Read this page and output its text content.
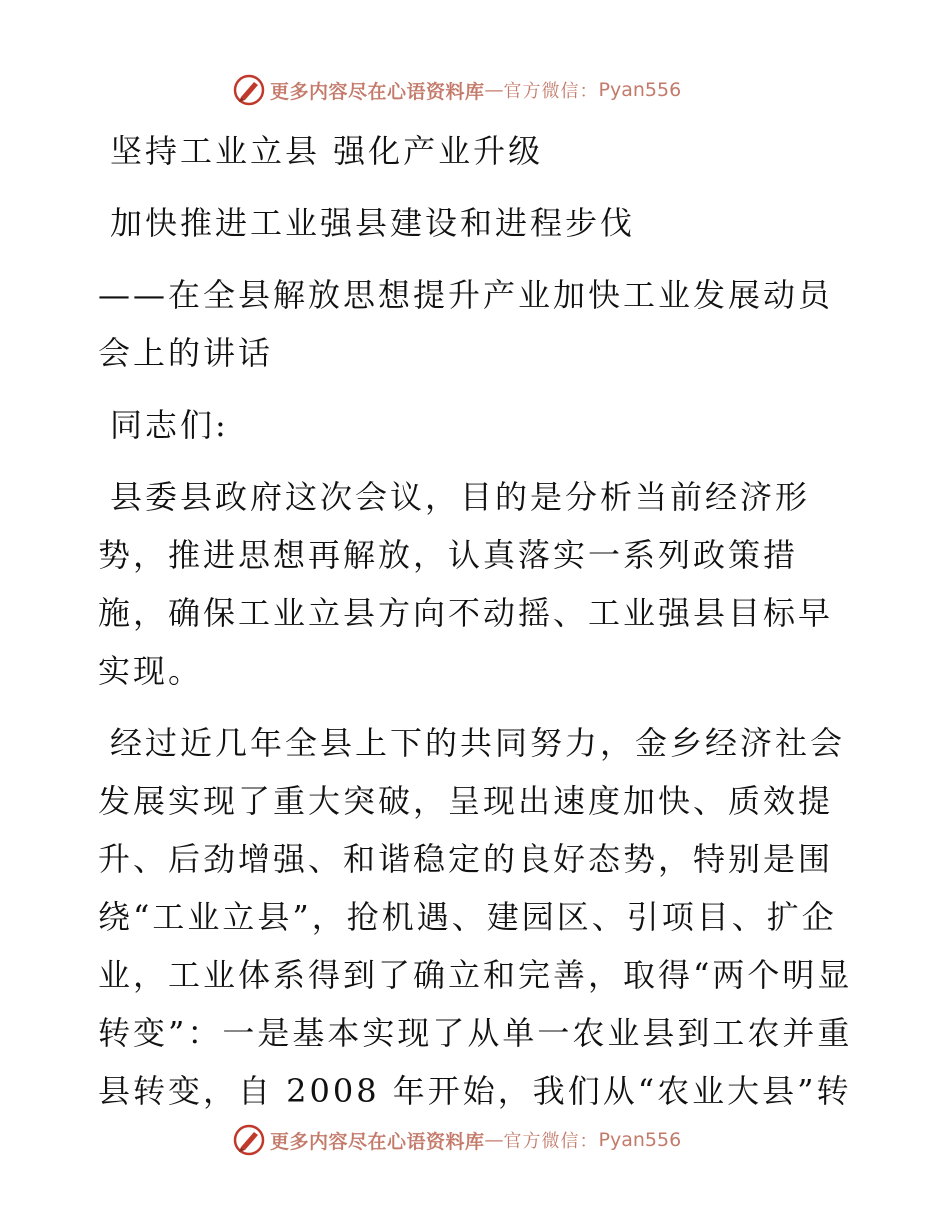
更多内容尽在心语资料库 — 官方微信： Pyan556

坚持工业立县 强化产业升级

加快推进工业强县建设和进程步伐

——在全县解放思想提升产业加快工业发展动员会上的讲话

同志们:

县委县政府这次会议，目的是分析当前经济形势，推进思想再解放，认真落实一系列政策措施，确保工业立县方向不动摇、工业强县目标早实现。

经过近几年全县上下的共同努力，金乡经济社会发展实现了重大突破，呈现出速度加快、质效提升、后劲增强、和谐稳定的良好态势，特别是围绕“工业立县”，抢机遇、建园区、引项目、扩企业，工业体系得到了确立和完善，取得“两个明显转变”：一是基本实现了从单一农业县到工农并重县转变，自 2008 年开始，我们从“农业大县”转

更多内容尽在心语资料库 — 官方微信： Pyan556
